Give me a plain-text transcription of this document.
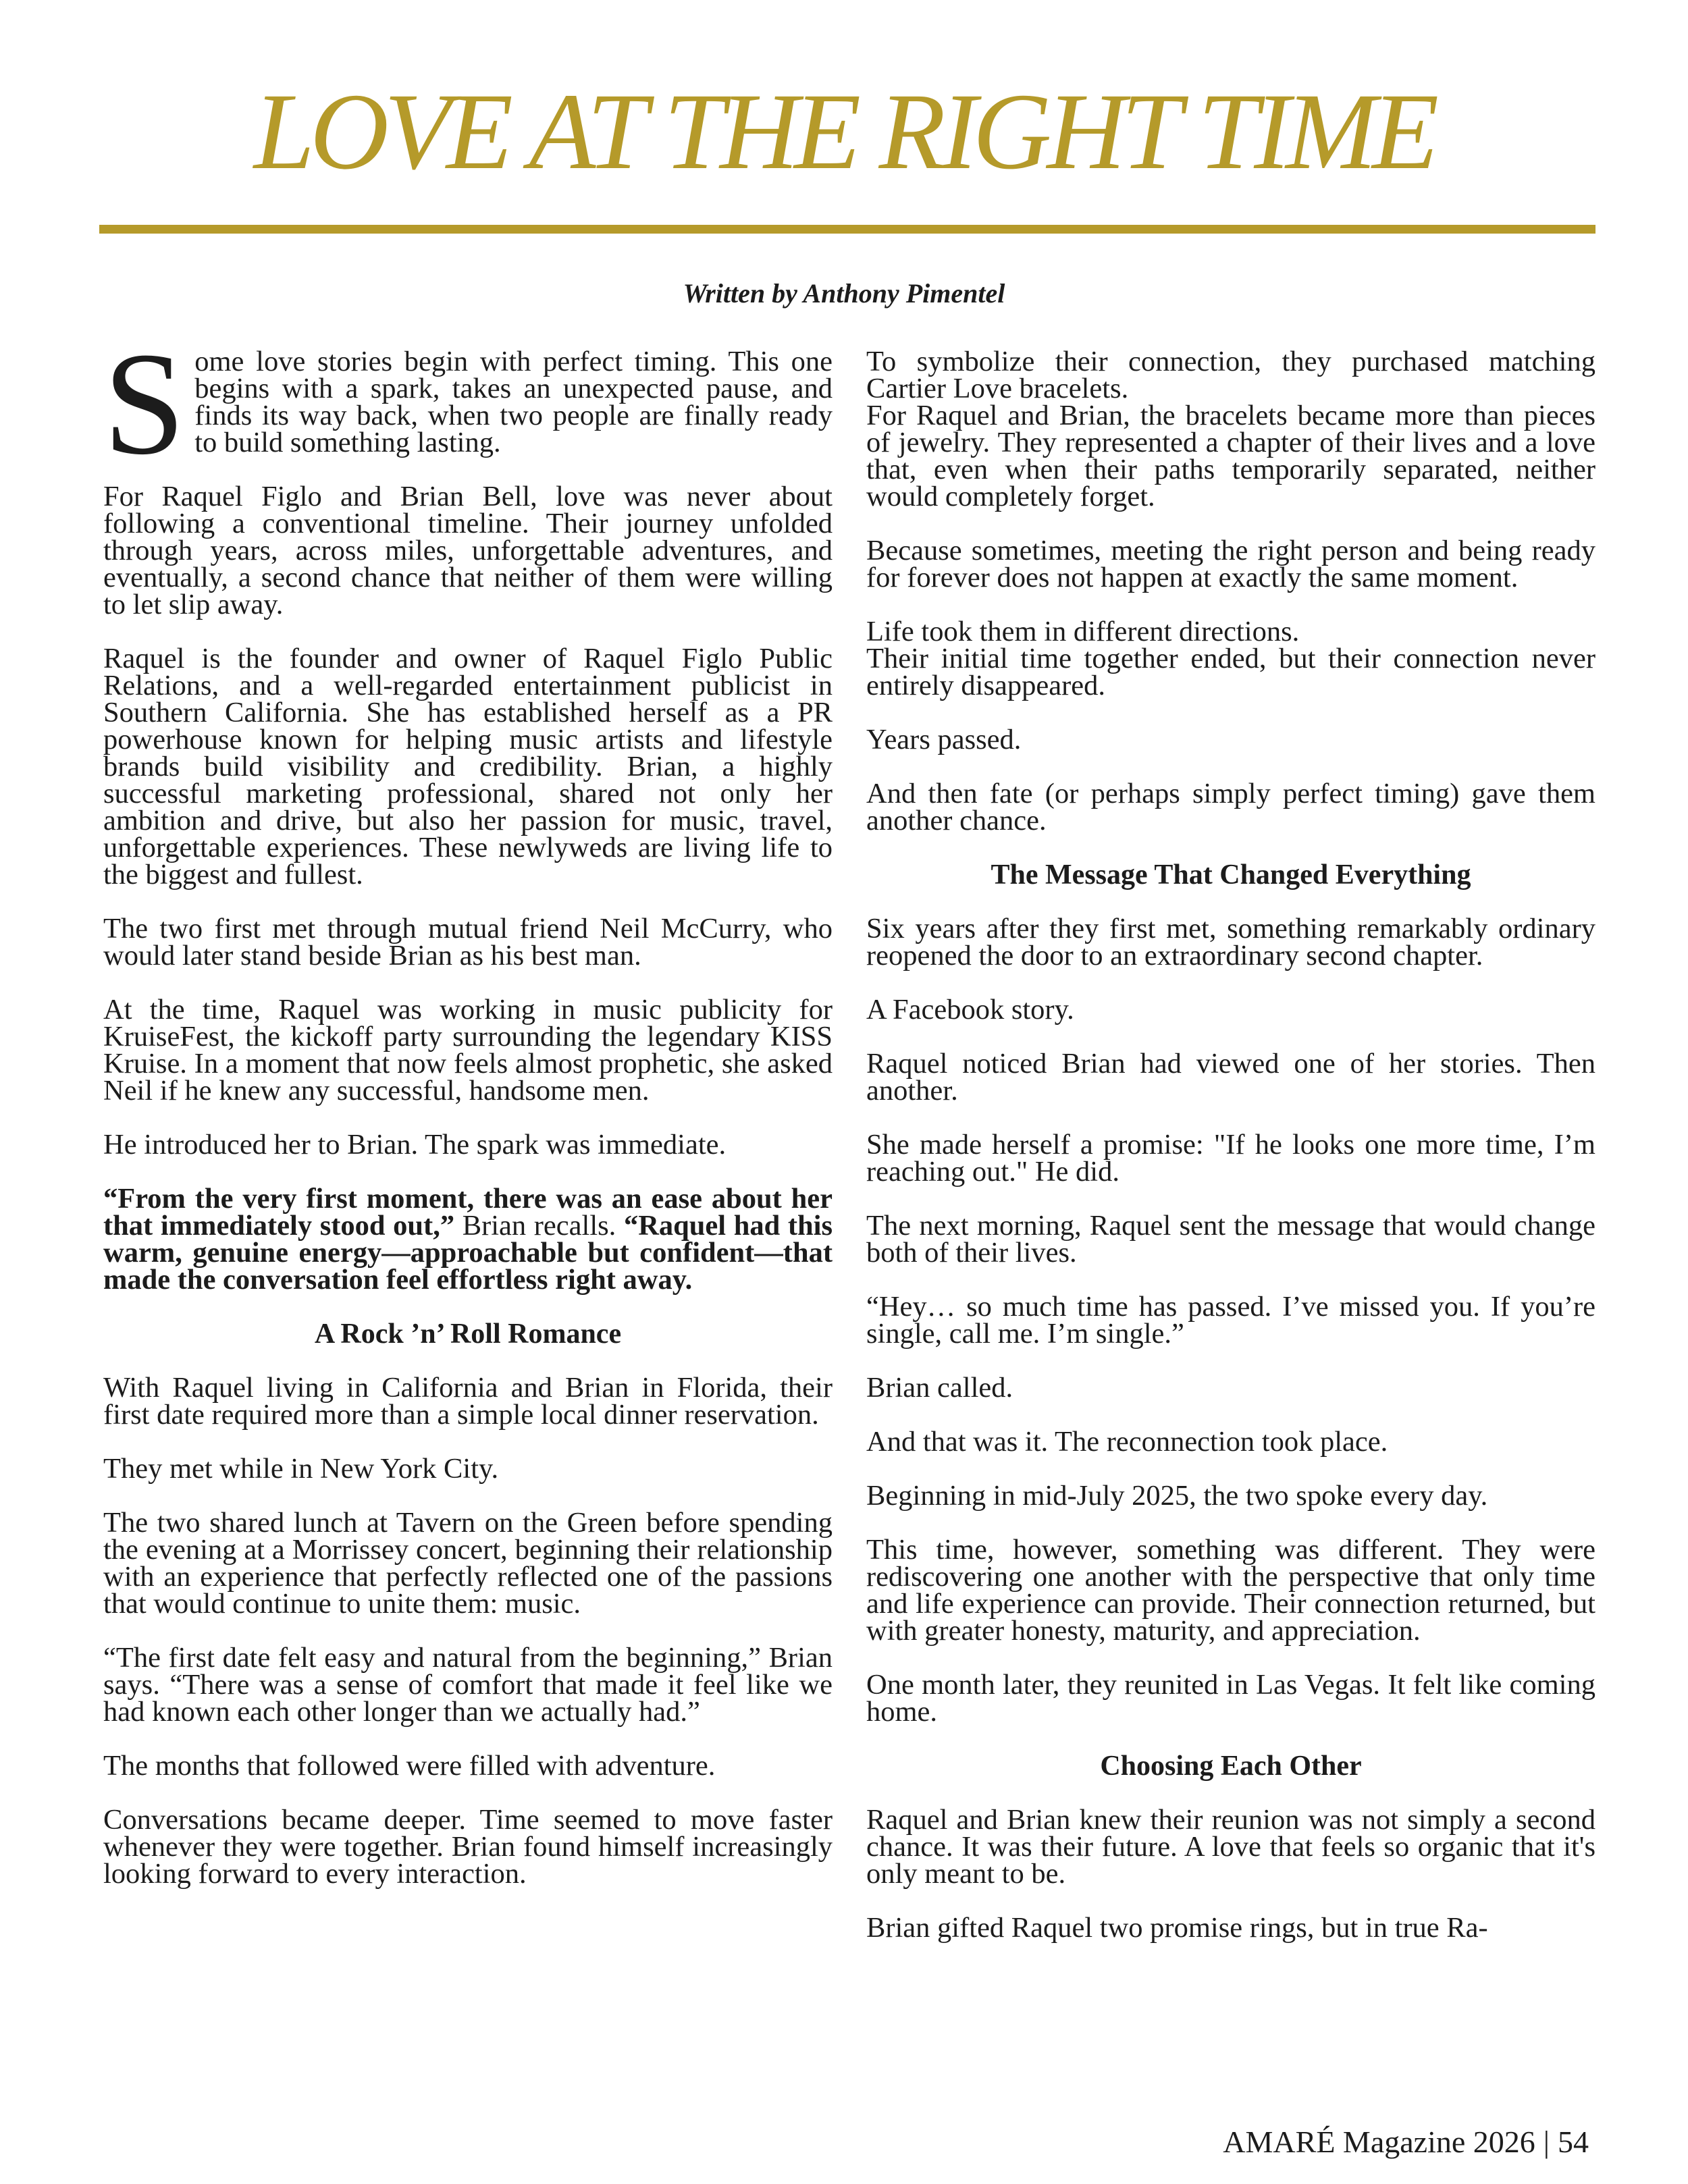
LOVE AT THE RIGHT TIME
Written by Anthony Pimentel

Some love stories begin with perfect timing. This one begins with a spark, takes an unexpected pause, and finds its way back, when two people are finally ready to build something lasting.

For Raquel Figlo and Brian Bell, love was never about following a conventional timeline. Their journey unfolded through years, across miles, unforgettable adventures, and eventually, a second chance that neither of them were willing to let slip away.

Raquel is the founder and owner of Raquel Figlo Public Relations, and a well-regarded entertainment publicist in Southern California. She has established herself as a PR powerhouse known for helping music artists and lifestyle brands build visibility and credibility. Brian, a highly successful marketing professional, shared not only her ambition and drive, but also her passion for music, travel, unforgettable experiences. These newlyweds are living life to the biggest and fullest.

The two first met through mutual friend Neil McCurry, who would later stand beside Brian as his best man.

At the time, Raquel was working in music publicity for KruiseFest, the kickoff party surrounding the legendary KISS Kruise. In a moment that now feels almost prophetic, she asked Neil if he knew any successful, handsome men.

He introduced her to Brian. The spark was immediate.

“From the very first moment, there was an ease about her that immediately stood out,” Brian recalls. “Raquel had this warm, genuine energy—approachable but confident—that made the conversation feel effortless right away.

A Rock ’n’ Roll Romance

With Raquel living in California and Brian in Florida, their first date required more than a simple local dinner reservation.

They met while in New York City.

The two shared lunch at Tavern on the Green before spending the evening at a Morrissey concert, beginning their relationship with an experience that perfectly reflected one of the passions that would continue to unite them: music.

“The first date felt easy and natural from the beginning,” Brian says. “There was a sense of comfort that made it feel like we had known each other longer than we actually had.”

The months that followed were filled with adventure.

Conversations became deeper. Time seemed to move faster whenever they were together. Brian found himself increasingly looking forward to every interaction.

To symbolize their connection, they purchased matching Cartier Love bracelets.

For Raquel and Brian, the bracelets became more than pieces of jewelry. They represented a chapter of their lives and a love that, even when their paths temporarily separated, neither would completely forget.

Because sometimes, meeting the right person and being ready for forever does not happen at exactly the same moment.

Life took them in different directions.

Their initial time together ended, but their connection never entirely disappeared.

Years passed.

And then fate (or perhaps simply perfect timing) gave them another chance.

The Message That Changed Everything

Six years after they first met, something remarkably ordinary reopened the door to an extraordinary second chapter.

A Facebook story.

Raquel noticed Brian had viewed one of her stories. Then another.

She made herself a promise: "If he looks one more time, I’m reaching out." He did.

The next morning, Raquel sent the message that would change both of their lives.

“Hey… so much time has passed. I’ve missed you. If you’re single, call me. I’m single.”

Brian called.

And that was it. The reconnection took place.

Beginning in mid-July 2025, the two spoke every day.

This time, however, something was different. They were rediscovering one another with the perspective that only time and life experience can provide. Their connection returned, but with greater honesty, maturity, and appreciation.

One month later, they reunited in Las Vegas. It felt like coming home.

Choosing Each Other

Raquel and Brian knew their reunion was not simply a second chance. It was their future. A love that feels so organic that it's only meant to be.

Brian gifted Raquel two promise rings, but in true Ra-

AMARÉ Magazine 2026 | 54
